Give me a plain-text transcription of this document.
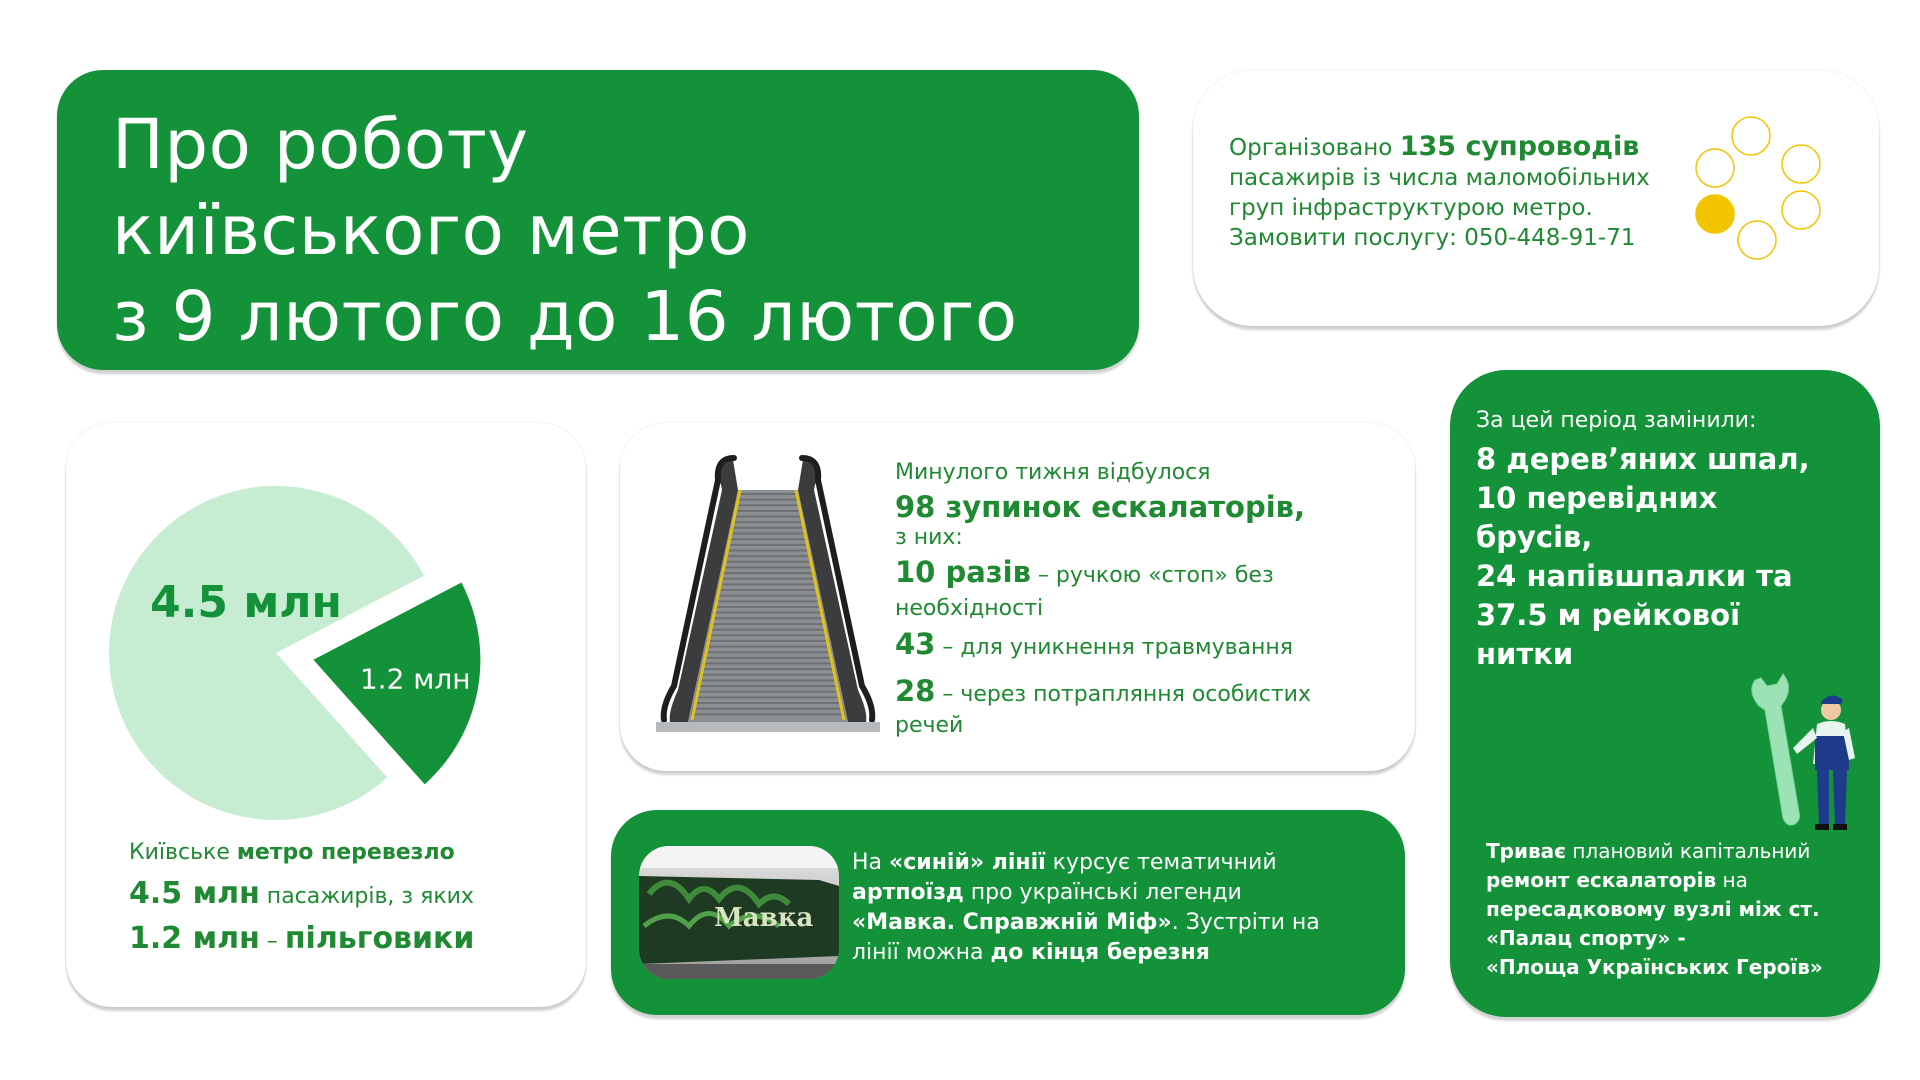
Про роботу
київського метро
з 9 лютого до 16 лютого
Організовано 135 супроводів
пасажирів із числа маломобільних
груп інфраструктурою метро.
Замовити послугу: 050-448-91-71
4.5 млн
1.2 млн
Київське метро перевезло
4.5 млн пасажирів, з яких
1.2 млн – пільговики
Минулого тижня відбулося
98 зупинок ескалаторів,
з них:
10 разів – ручкою «стоп» без
необхідності
43 – для уникнення травмування
28 – через потрапляння особистих
речей
Мавка
На «синій» лінії курсує тематичний
артпоїзд про українські легенди
«Мавка. Справжній Міф». Зустріти на
лінії можна до кінця березня
За цей період замінили:
8 дерев’яних шпал,
10 перевідних
брусів,
24 напівшпалки та
37.5 м рейкової
нитки
Триває плановий капітальний
ремонт ескалаторів на
пересадковому вузлі між ст.
«Палац спорту» -
«Площа Українських Героїв»
